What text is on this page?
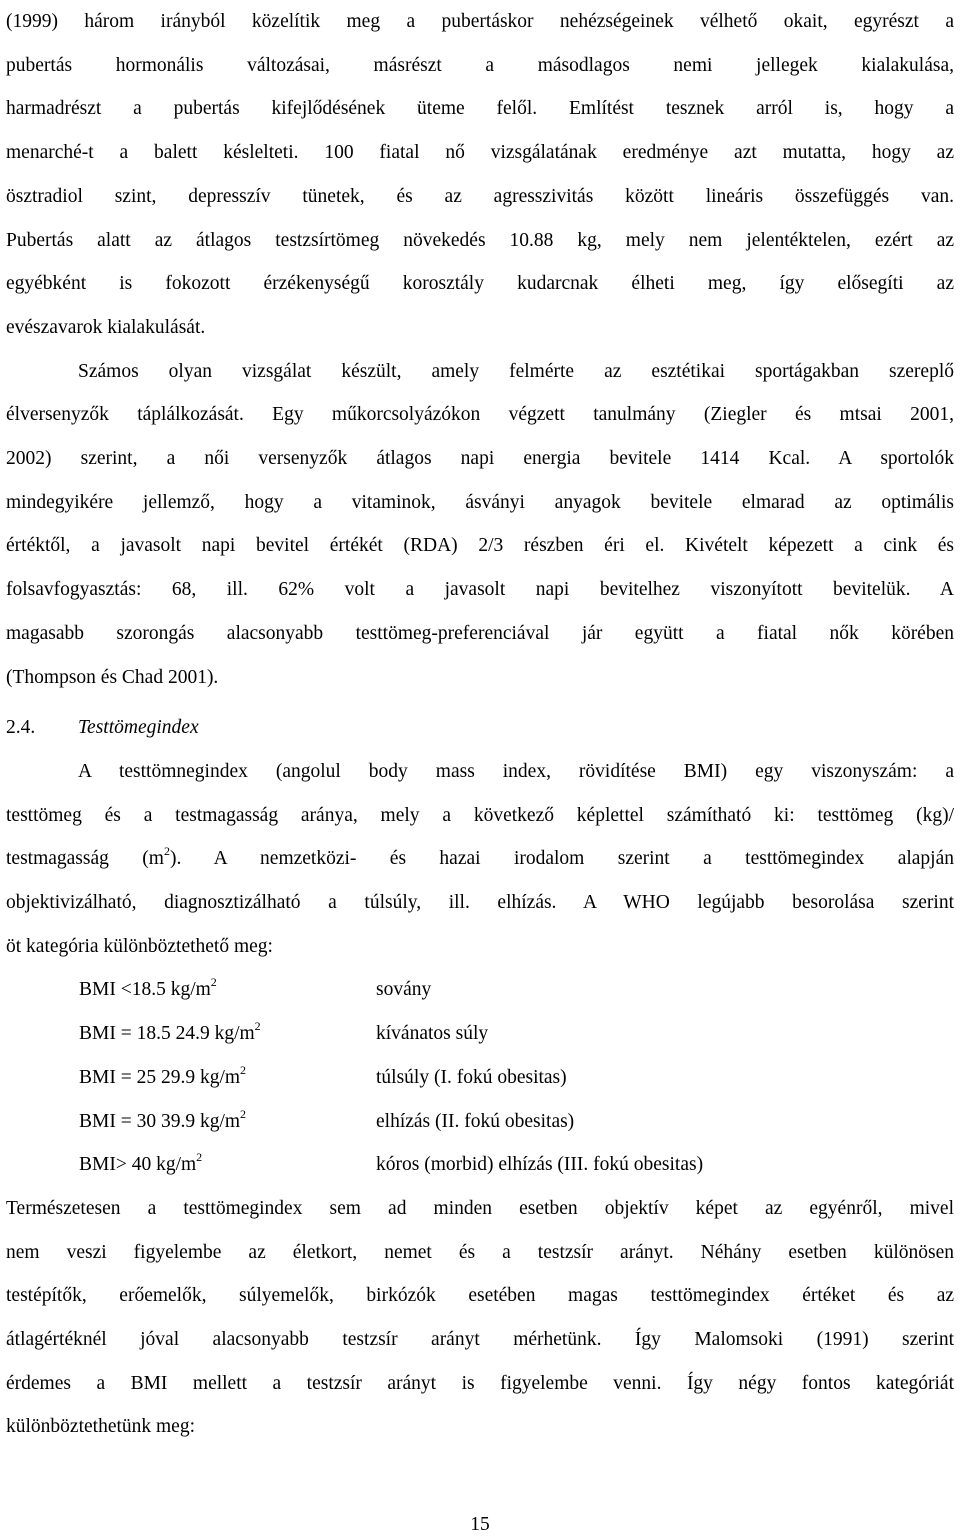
(1999) három irányból közelítik meg a pubertáskor nehézségeinek vélhető okait, egyrészt a
pubertás hormonális változásai, másrészt a másodlagos nemi jellegek kialakulása,
harmadrészt a pubertás kifejlődésének üteme felől. Említést tesznek arról is, hogy a
menarché-t a balett késlelteti. 100 fiatal nő vizsgálatának eredménye azt mutatta, hogy az
ösztradiol szint, depresszív tünetek, és az agresszivitás között lineáris összefüggés van.
Pubertás alatt az átlagos testzsírtömeg növekedés 10.88 kg, mely nem jelentéktelen, ezért az
egyébként is fokozott érzékenységű korosztály kudarcnak élheti meg, így elősegíti az
evészavarok kialakulását.

Számos olyan vizsgálat készült, amely felmérte az esztétikai sportágakban szereplő
élversenyzők táplálkozását. Egy műkorcsolyázókon végzett tanulmány (Ziegler és mtsai 2001,
2002) szerint, a női versenyzők átlagos napi energia bevitele 1414 Kcal. A sportolók
mindegyikére jellemző, hogy a vitaminok, ásványi anyagok bevitele elmarad az optimális
értéktől, a javasolt napi bevitel értékét (RDA) 2/3 részben éri el. Kivételt képezett a cink és
folsavfogyasztás: 68, ill. 62% volt a javasolt napi bevitelhez viszonyított bevitelük. A
magasabb szorongás alacsonyabb testtömeg-preferenciával jár együtt a fiatal nők körében
(Thompson és Chad 2001).

2.4. Testtömegindex

A testtömnegindex (angolul body mass index, rövidítése BMI) egy viszonyszám: a
testtömeg és a testmagasság aránya, mely a következő képlettel számítható ki: testtömeg (kg)/
testmagasság $(m^2)$. A nemzetközi- és hazai irodalom szerint a testtömegindex alapján
objektivizálható, diagnosztizálható a túlsúly, ill. elhízás. A WHO legújabb besorolása szerint
öt kategória különböztethető meg:

BMI <18.5 $kg/m^2$	sovány
BMI = 18.5 24.9 $kg/m^2$	kívánatos súly
BMI = 25 29.9 $kg/m^2$	túlsúly (I. fokú obesitas)
BMI = 30 39.9 $kg/m^2$	elhízás (II. fokú obesitas)
BMI> 40 $kg/m^2$	kóros (morbid) elhízás (III. fokú obesitas)

Természetesen a testtömegindex sem ad minden esetben objektív képet az egyénről, mivel
nem veszi figyelembe az életkort, nemet és a testzsír arányt. Néhány esetben különösen
testépítők, erőemelők, súlyemelők, birkózók esetében magas testtömegindex értéket és az
átlagértéknél jóval alacsonyabb testzsír arányt mérhetünk. Így Malomsoki (1991) szerint
érdemes a BMI mellett a testzsír arányt is figyelembe venni. Így négy fontos kategóriát
különböztethetünk meg:

15
